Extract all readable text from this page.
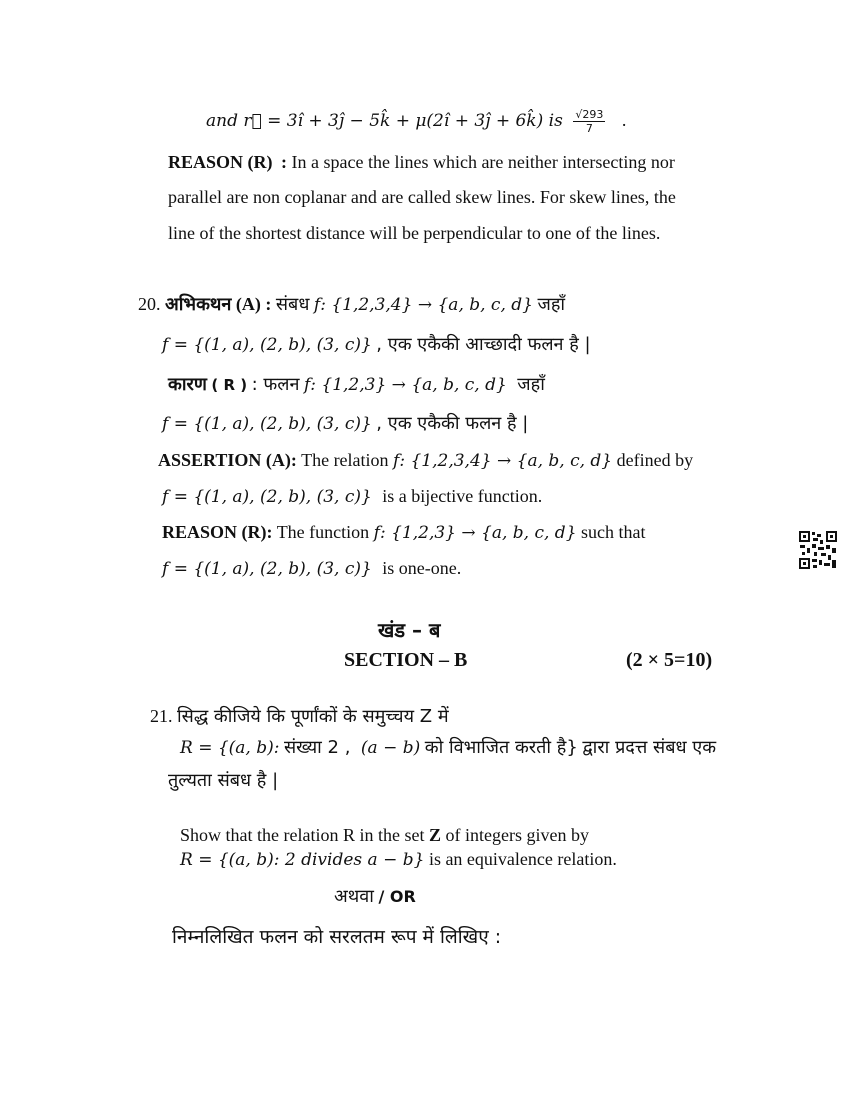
and r⃗ = 3î + 3ĵ − 5k̂ + μ(2î + 3ĵ + 6k̂) is $\frac{√293}{7}$ .
REASON (R) : In a space the lines which are neither intersecting nor
parallel are non coplanar and are called skew lines. For skew lines, the
line of the shortest distance will be perpendicular to one of the lines.
20. अभिकथन (A) : संबध f: {1,2,3,4} → {a, b, c, d} जहाँ
f = {(1, a), (2, b), (3, c)} , एक एकैकी आच्छादी फलन है |
कारण ( R ) : फलन f: {1,2,3} → {a, b, c, d} जहाँ
f = {(1, a), (2, b), (3, c)} , एक एकैकी फलन है |
ASSERTION (A): The relation f: {1,2,3,4} → {a, b, c, d} defined by
f = {(1, a), (2, b), (3, c)} is a bijective function.
REASON (R): The function f: {1,2,3} → {a, b, c, d} such that
f = {(1, a), (2, b), (3, c)} is one-one.
खंड – ब
SECTION – B	(2 × 5=10)
21. सिद्ध कीजिये कि पूर्णांकों के समुच्चय Z में
R = {(a, b): संख्या 2 , (a − b) को विभाजित करती है} द्वारा प्रदत्त संबध एक
तुल्यता संबध है |
Show that the relation R in the set Z of integers given by
R = {(a, b): 2 divides a − b} is an equivalence relation.
अथवा / OR
निम्नलिखित फलन को सरलतम रूप में लिखिए :
